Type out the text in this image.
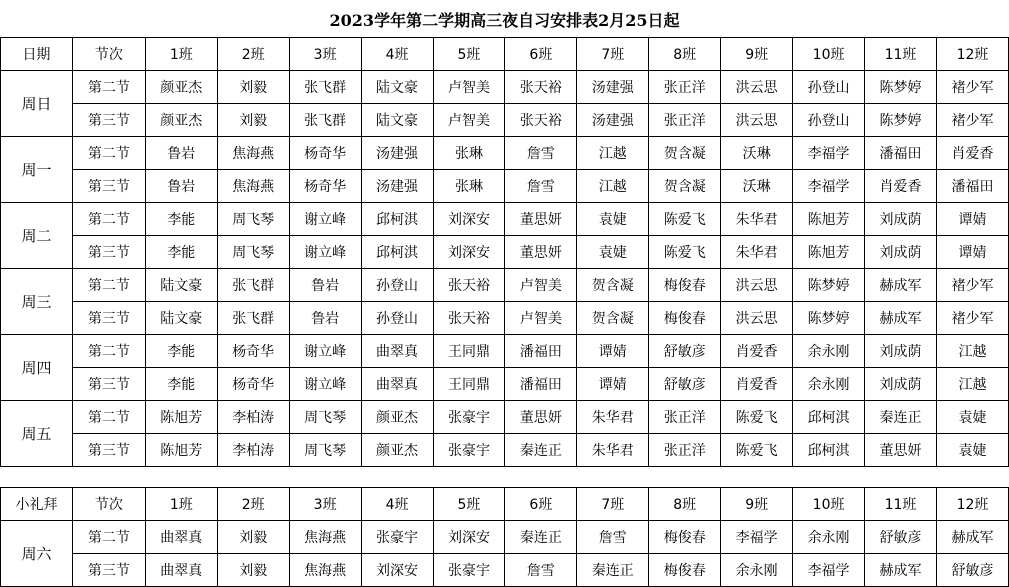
2023学年第二学期高三夜自习安排表2月25日起
日期	节次	1班	2班	3班	4班	5班	6班	7班	8班	9班	10班	11班	12班
周日	第二节	颜亚杰	刘毅	张飞群	陆文豪	卢智美	张天裕	汤建强	张正洋	洪云思	孙登山	陈梦婷	褚少军
	第三节	颜亚杰	刘毅	张飞群	陆文豪	卢智美	张天裕	汤建强	张正洋	洪云思	孙登山	陈梦婷	褚少军
周一	第二节	鲁岩	焦海燕	杨奇华	汤建强	张琳	詹雪	江越	贺含凝	沃琳	李福学	潘福田	肖爱香
	第三节	鲁岩	焦海燕	杨奇华	汤建强	张琳	詹雪	江越	贺含凝	沃琳	李福学	肖爱香	潘福田
周二	第二节	李能	周飞琴	谢立峰	邱柯淇	刘深安	董思妍	袁婕	陈爱飞	朱华君	陈旭芳	刘成荫	谭婧
	第三节	李能	周飞琴	谢立峰	邱柯淇	刘深安	董思妍	袁婕	陈爱飞	朱华君	陈旭芳	刘成荫	谭婧
周三	第二节	陆文豪	张飞群	鲁岩	孙登山	张天裕	卢智美	贺含凝	梅俊春	洪云思	陈梦婷	赫成军	褚少军
	第三节	陆文豪	张飞群	鲁岩	孙登山	张天裕	卢智美	贺含凝	梅俊春	洪云思	陈梦婷	赫成军	褚少军
周四	第二节	李能	杨奇华	谢立峰	曲翠真	王同鼎	潘福田	谭婧	舒敏彦	肖爱香	余永刚	刘成荫	江越
	第三节	李能	杨奇华	谢立峰	曲翠真	王同鼎	潘福田	谭婧	舒敏彦	肖爱香	余永刚	刘成荫	江越
周五	第二节	陈旭芳	李柏涛	周飞琴	颜亚杰	张豪宇	董思妍	朱华君	张正洋	陈爱飞	邱柯淇	秦连正	袁婕
	第三节	陈旭芳	李柏涛	周飞琴	颜亚杰	张豪宇	秦连正	朱华君	张正洋	陈爱飞	邱柯淇	董思妍	袁婕
小礼拜	节次	1班	2班	3班	4班	5班	6班	7班	8班	9班	10班	11班	12班
周六	第二节	曲翠真	刘毅	焦海燕	张豪宇	刘深安	秦连正	詹雪	梅俊春	李福学	余永刚	舒敏彦	赫成军
	第三节	曲翠真	刘毅	焦海燕	刘深安	张豪宇	詹雪	秦连正	梅俊春	余永刚	李福学	赫成军	舒敏彦
